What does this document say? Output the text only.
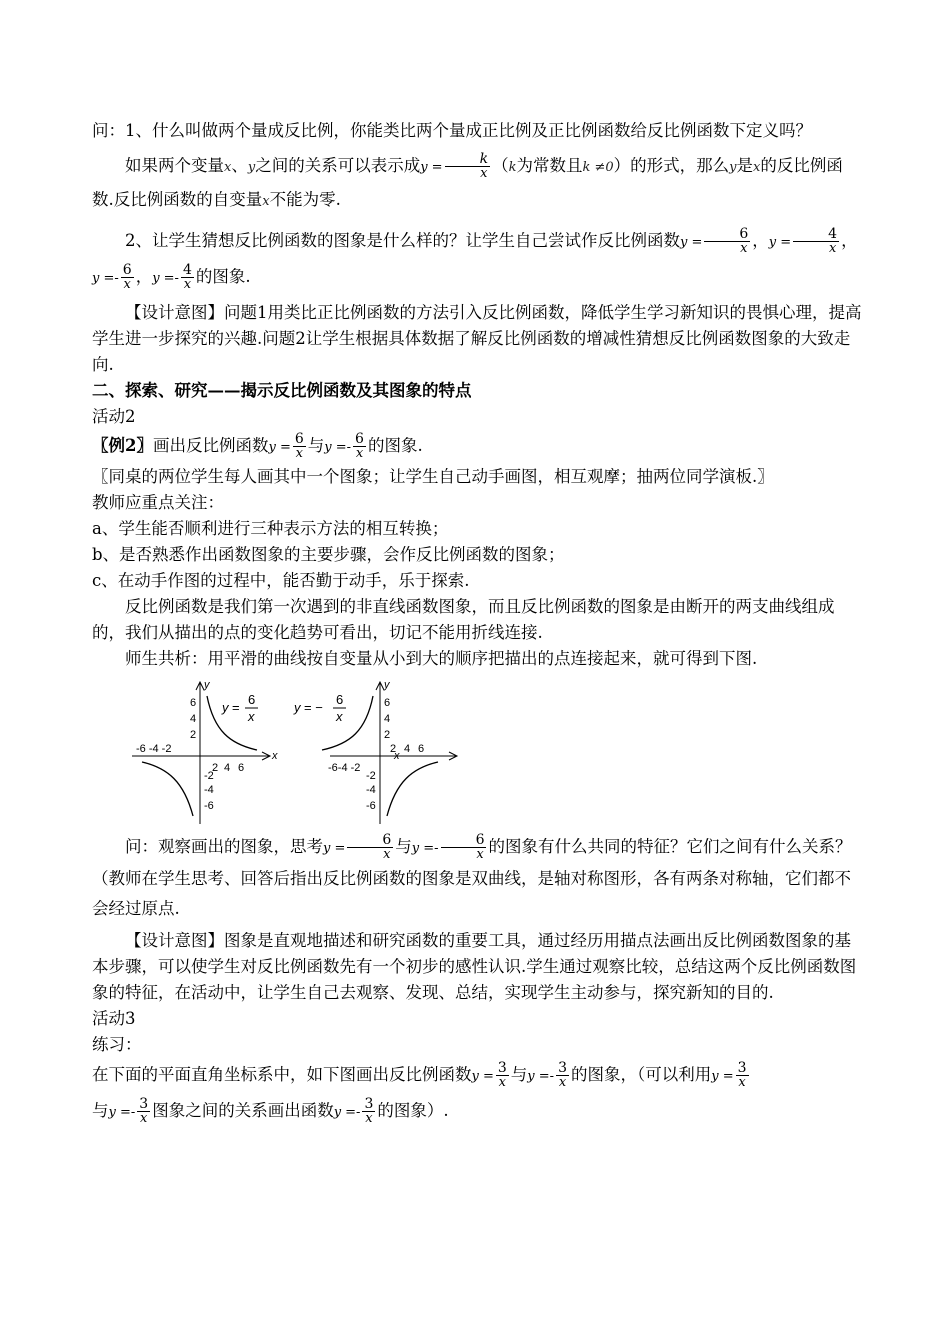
问：1、什么叫做两个量成反比例，你能类比两个量成正比例及正比例函数给反比例函数下定义吗？

如果两个变量x、y之间的关系可以表示成$y = \frac{k}{x} (k$为常数且k ≠0）的形式，那么y是x的反比例函数.反比例函数的自变量x不能为零.

2、让学生猜想反比例函数的图象是什么样的？让学生自己尝试作反比例函数$y = \frac{6}{x}$ ，$y = \frac{4}{x}$ ，

$y =- \frac{6}{x}$ ，$y =- \frac{4}{x}$ 的图象.

【设计意图】问题1用类比正比例函数的方法引入反比例函数，降低学生学习新知识的畏惧心理，提高学生进一步探究的兴趣.问题2让学生根据具体数据了解反比例函数的增减性猜想反比例函数图象的大致走向.

二、探索、研究——揭示反比例函数及其图象的特点

活动2

〖例2〗画出反比例函数$y = \frac{6}{x}$ 与$y =- \frac{6}{x}$ 的图象.

〖同桌的两位学生每人画其中一个图象；让学生自己动手画图，相互观摩；抽两位同学演板.〗

教师应重点关注：

a、学生能否顺利进行三种表示方法的相互转换；

b、是否熟悉作出函数图象的主要步骤，会作反比例函数的图象；

c、在动手作图的过程中，能否勤于动手，乐于探索.

反比例函数是我们第一次遇到的非直线函数图象，而且反比例函数的图象是由断开的两支曲线组成的，我们从描出的点的变化趋势可看出，切记不能用折线连接.

师生共析：用平滑的曲线按自变量从小到大的顺序把描出的点连接起来，就可得到下图.

y
x
-6 -4 -2
2 4 6
6
4
2
-2
-4
-6
y =
6
x
x
y
-6-4 -2
2 4 6
6
4
2
-2
-4
-6
y = −
6
x

问：观察画出的图象，思考$y = \frac{6}{x}$ 与$y =- \frac{6}{x}$ 的图象有什么共同的特征？它们之间有什么关系？（教师在学生思考、回答后指出反比例函数的图象是双曲线，是轴对称图形，各有两条对称轴，它们都不会经过原点.

【设计意图】图象是直观地描述和研究函数的重要工具，通过经历用描点法画出反比例函数图象的基本步骤，可以使学生对反比例函数先有一个初步的感性认识.学生通过观察比较，总结这两个反比例函数图象的特征，在活动中，让学生自己去观察、发现、总结，实现学生主动参与，探究新知的目的.

活动3

练习：

在下面的平面直角坐标系中，如下图画出反比例函数$y = \frac{3}{x}$ 与$y =- \frac{3}{x}$ 的图象，（可以利用$y = \frac{3}{x}$

与$y =- \frac{3}{x}$ 图象之间的关系画出函数$y =- \frac{3}{x}$ 的图象）.
